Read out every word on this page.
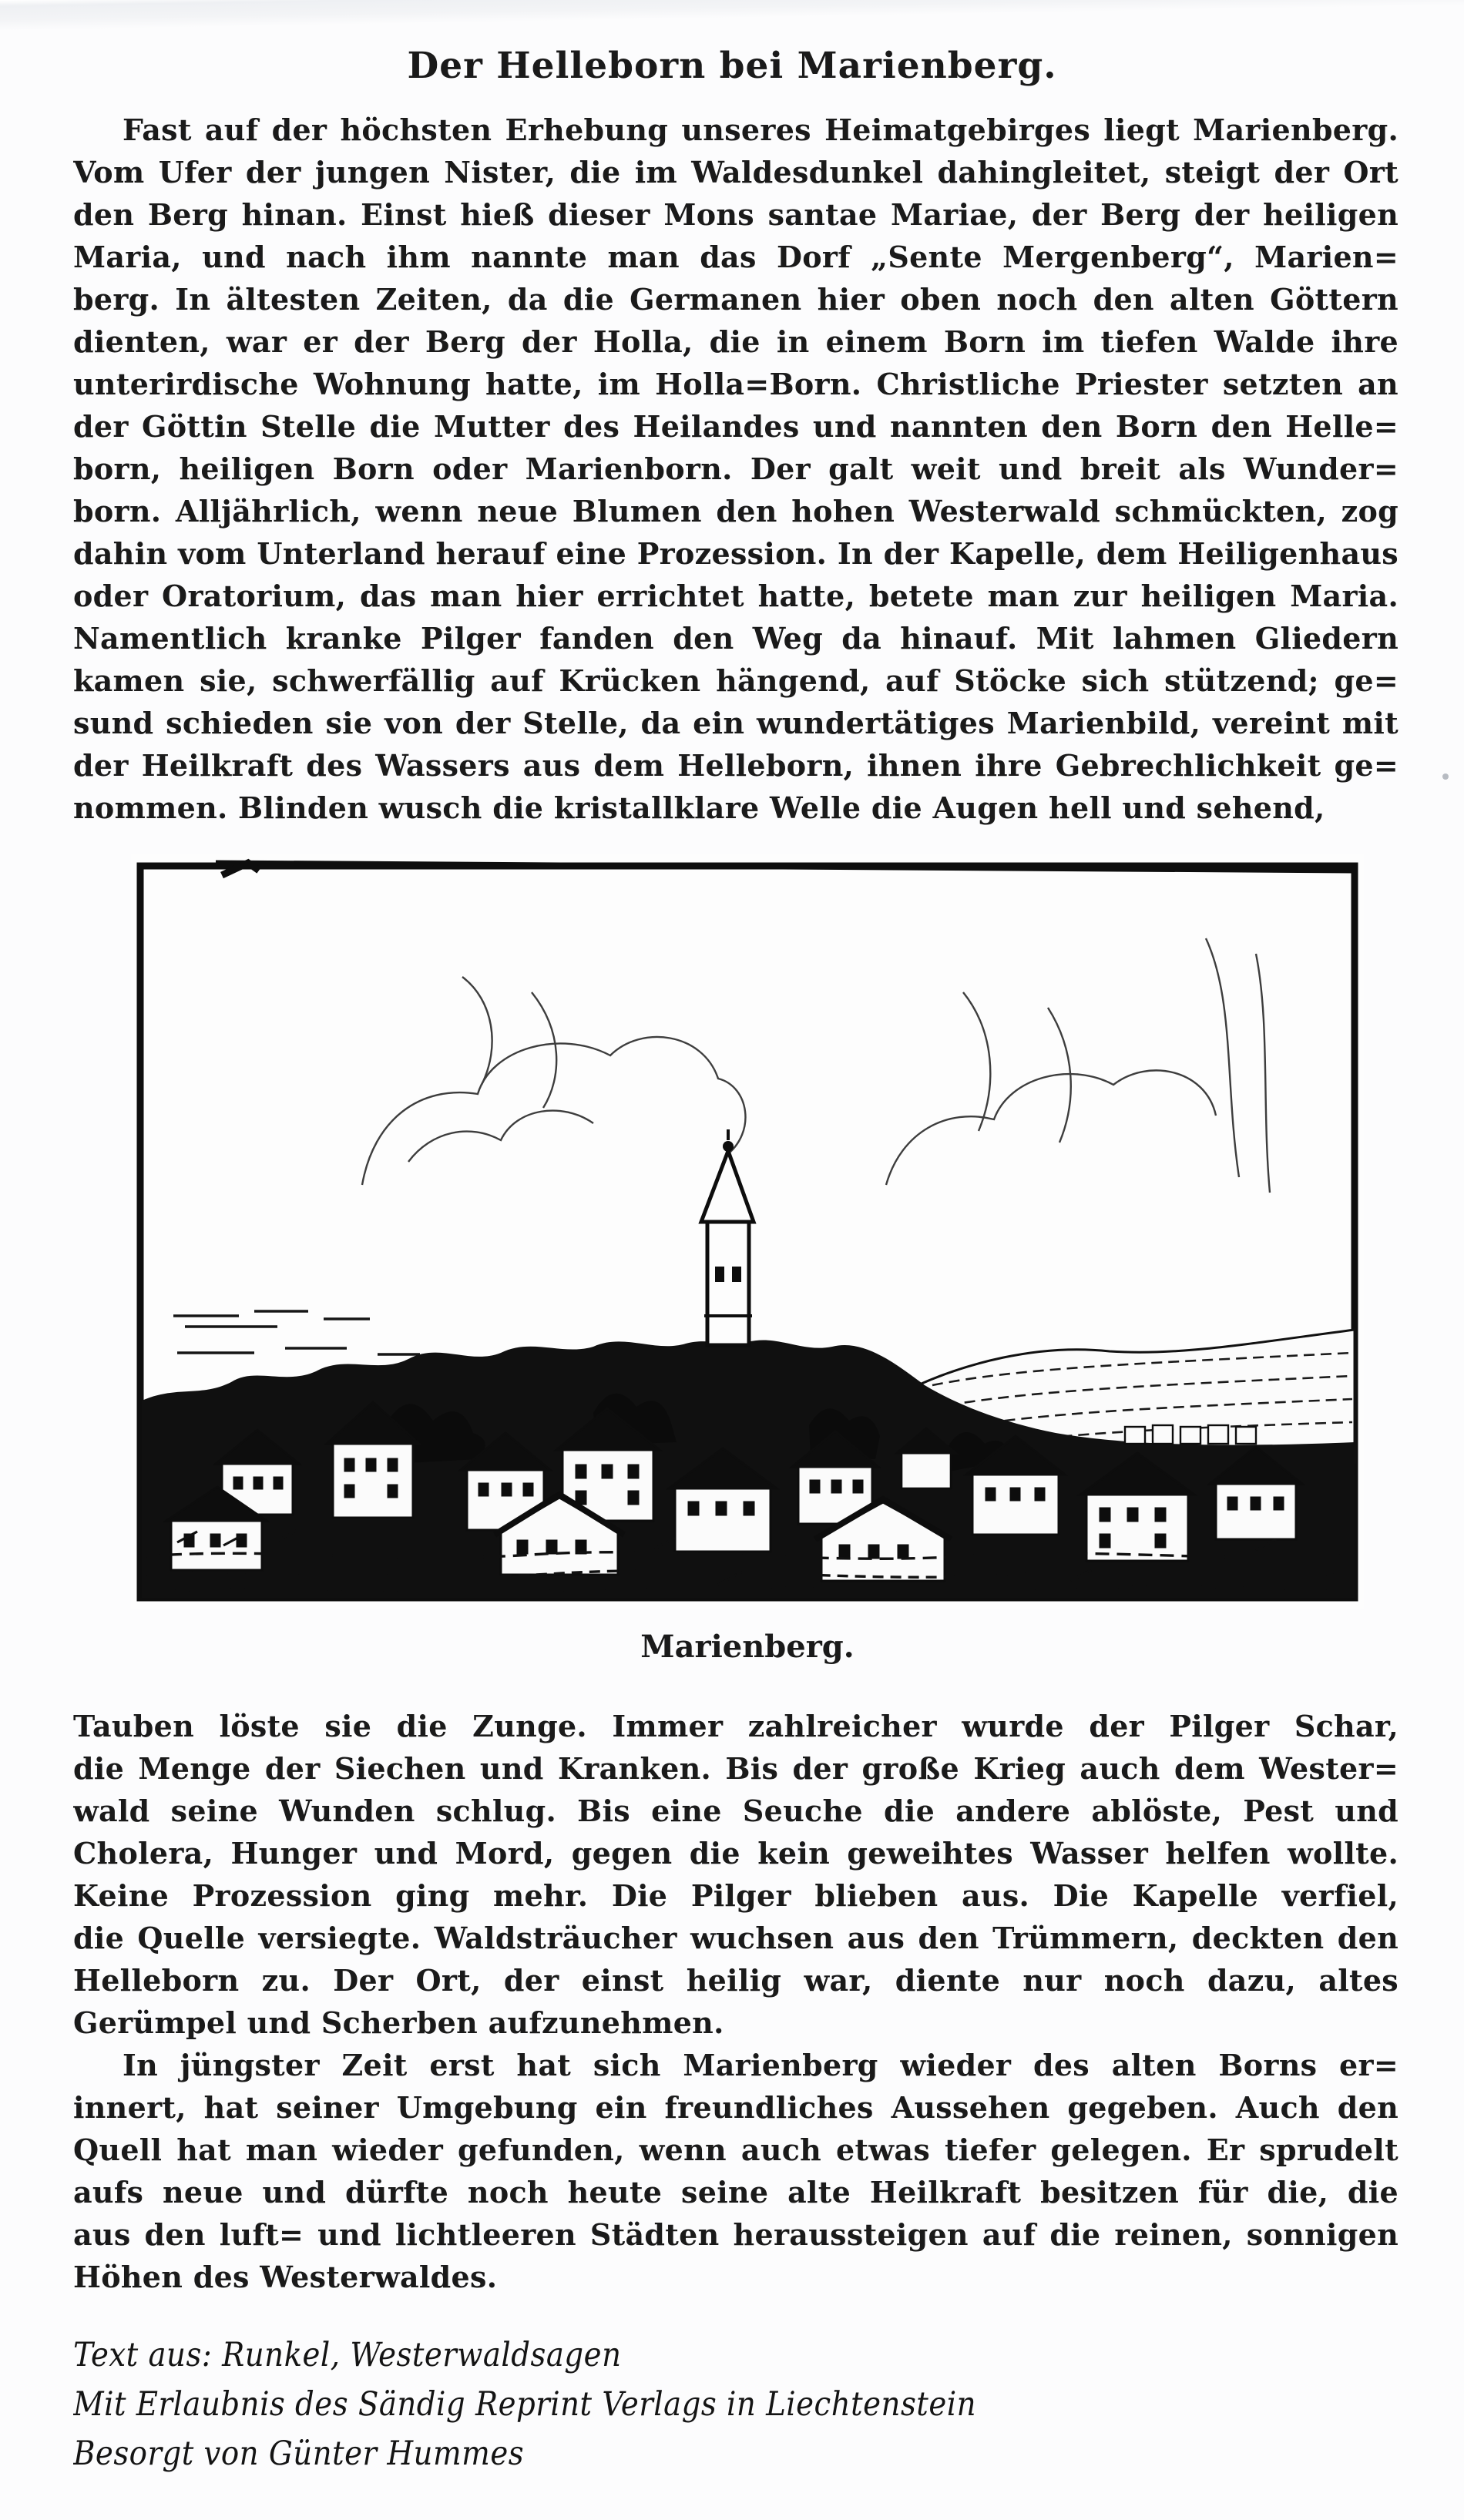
Der Helleborn bei Marienberg.
Fast auf der höchsten Erhebung unseres Heimatgebirges liegt Marienberg.
Vom Ufer der jungen Nister, die im Waldesdunkel dahingleitet, steigt der Ort
den Berg hinan. Einst hieß dieser Mons santae Mariae, der Berg der heiligen
Maria, und nach ihm nannte man das Dorf „Sente Mergenberg“, Marien=
berg. In ältesten Zeiten, da die Germanen hier oben noch den alten Göttern
dienten, war er der Berg der Holla, die in einem Born im tiefen Walde ihre
unterirdische Wohnung hatte, im Holla=Born. Christliche Priester setzten an
der Göttin Stelle die Mutter des Heilandes und nannten den Born den Helle=
born, heiligen Born oder Marienborn. Der galt weit und breit als Wunder=
born. Alljährlich, wenn neue Blumen den hohen Westerwald schmückten, zog
dahin vom Unterland herauf eine Prozession. In der Kapelle, dem Heiligenhaus
oder Oratorium, das man hier errichtet hatte, betete man zur heiligen Maria.
Namentlich kranke Pilger fanden den Weg da hinauf. Mit lahmen Gliedern
kamen sie, schwerfällig auf Krücken hängend, auf Stöcke sich stützend; ge=
sund schieden sie von der Stelle, da ein wundertätiges Marienbild, vereint mit
der Heilkraft des Wassers aus dem Helleborn, ihnen ihre Gebrechlichkeit ge=
nommen. Blinden wusch die kristallklare Welle die Augen hell und sehend,
Marienberg.
Tauben löste sie die Zunge. Immer zahlreicher wurde der Pilger Schar,
die Menge der Siechen und Kranken. Bis der große Krieg auch dem Wester=
wald seine Wunden schlug. Bis eine Seuche die andere ablöste, Pest und
Cholera, Hunger und Mord, gegen die kein geweihtes Wasser helfen wollte.
Keine Prozession ging mehr. Die Pilger blieben aus. Die Kapelle verfiel,
die Quelle versiegte. Waldsträucher wuchsen aus den Trümmern, deckten den
Helleborn zu. Der Ort, der einst heilig war, diente nur noch dazu, altes
Gerümpel und Scherben aufzunehmen.
In jüngster Zeit erst hat sich Marienberg wieder des alten Borns er=
innert, hat seiner Umgebung ein freundliches Aussehen gegeben. Auch den
Quell hat man wieder gefunden, wenn auch etwas tiefer gelegen. Er sprudelt
aufs neue und dürfte noch heute seine alte Heilkraft besitzen für die, die
aus den luft= und lichtleeren Städten heraussteigen auf die reinen, sonnigen
Höhen des Westerwaldes.
Text aus: Runkel, Westerwaldsagen
Mit Erlaubnis des Sändig Reprint Verlags in Liechtenstein
Besorgt von Günter Hummes
